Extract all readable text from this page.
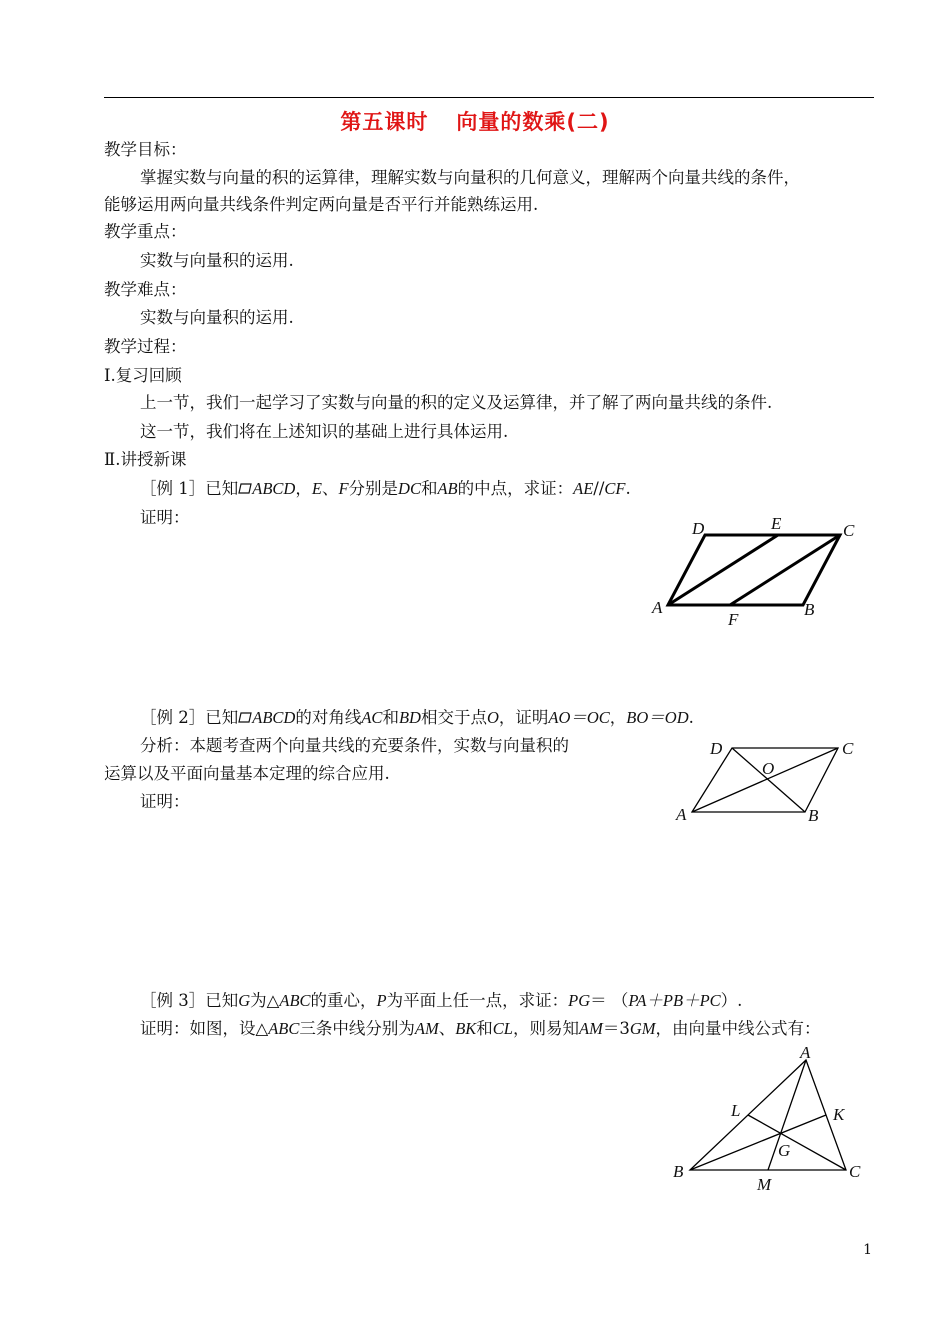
第五课时 向量的数乘(二)
教学目标：
掌握实数与向量的积的运算律，理解实数与向量积的几何意义，理解两个向量共线的条件，
能够运用两向量共线条件判定两向量是否平行并能熟练运用.
教学重点：
实数与向量积的运用.
教学难点：
实数与向量积的运用.
教学过程：
Ⅰ.复习回顾
上一节，我们一起学习了实数与向量的积的定义及运算律，并了解了两向量共线的条件.
这一节，我们将在上述知识的基础上进行具体运用.
Ⅱ.讲授新课
［例 1］已知 ABCD，E、F分别是DC和AB的中点，求证：AE//CF.
证明：
D	E	C
A
F
B
［例 2］已知 ABCD的对角线AC和BD相交于点O，证明AO＝OC，BO＝OD.
分析：本题考查两个向量共线的充要条件，实数与向量积的
运算以及平面向量基本定理的综合应用.
证明：
D	C
O
A	B
［例 3］已知G为△ABC的重心，P为平面上任一点，求证：PG＝ （PA＋PB＋PC）.
证明：如图，设△ABC三条中线分别为AM、BK和CL，则易知AM＝3GM，由向量中线公式有：
A
L	K
G
B
M
C
1
